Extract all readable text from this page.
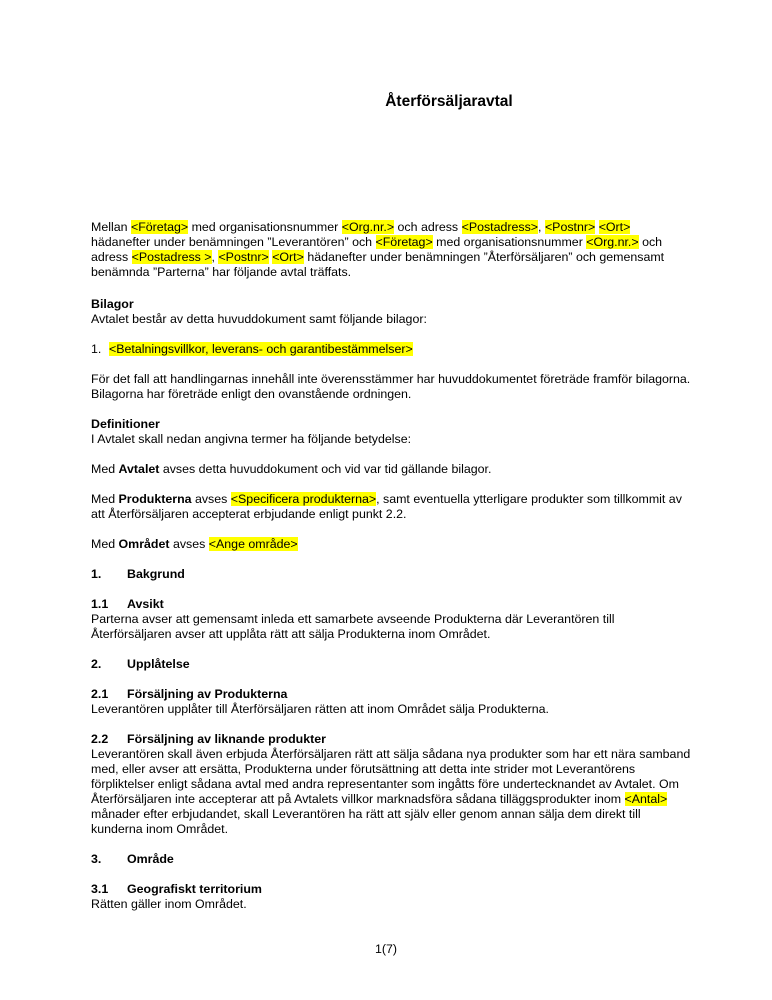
Återförsäljaravtal

Mellan <Företag> med organisationsnummer <Org.nr.> och adress <Postadress>, <Postnr> <Ort> hädanefter under benämningen ”Leverantören” och <Företag> med organisationsnummer <Org.nr.> och adress <Postadress >, <Postnr> <Ort> hädanefter under benämningen ”Återförsäljaren” och gemensamt benämnda ”Parterna” har följande avtal träffats.

Bilagor

Avtalet består av detta huvuddokument samt följande bilagor:

1. <Betalningsvillkor, leverans- och garantibestämmelser>

För det fall att handlingarnas innehåll inte överensstämmer har huvuddokumentet företräde framför bilagorna. Bilagorna har företräde enligt den ovanstående ordningen.

Definitioner

I Avtalet skall nedan angivna termer ha följande betydelse:

Med Avtalet avses detta huvuddokument och vid var tid gällande bilagor.

Med Produkterna avses <Specificera produkterna>, samt eventuella ytterligare produkter som tillkommit av att Återförsäljaren accepterat erbjudande enligt punkt 2.2.

Med Området avses <Ange område>

1. Bakgrund

1.1 Avsikt

Parterna avser att gemensamt inleda ett samarbete avseende Produkterna där Leverantören till Återförsäljaren avser att upplåta rätt att sälja Produkterna inom Området.

2. Upplåtelse

2.1 Försäljning av Produkterna

Leverantören upplåter till Återförsäljaren rätten att inom Området sälja Produkterna.

2.2 Försäljning av liknande produkter

Leverantören skall även erbjuda Återförsäljaren rätt att sälja sådana nya produkter som har ett nära samband med, eller avser att ersätta, Produkterna under förutsättning att detta inte strider mot Leverantörens förpliktelser enligt sådana avtal med andra representanter som ingåtts före undertecknandet av Avtalet. Om Återförsäljaren inte accepterar att på Avtalets villkor marknadsföra sådana tilläggsprodukter inom <Antal> månader efter erbjudandet, skall Leverantören ha rätt att själv eller genom annan sälja dem direkt till kunderna inom Området.

3. Område

3.1 Geografiskt territorium

Rätten gäller inom Området.

1(7)
